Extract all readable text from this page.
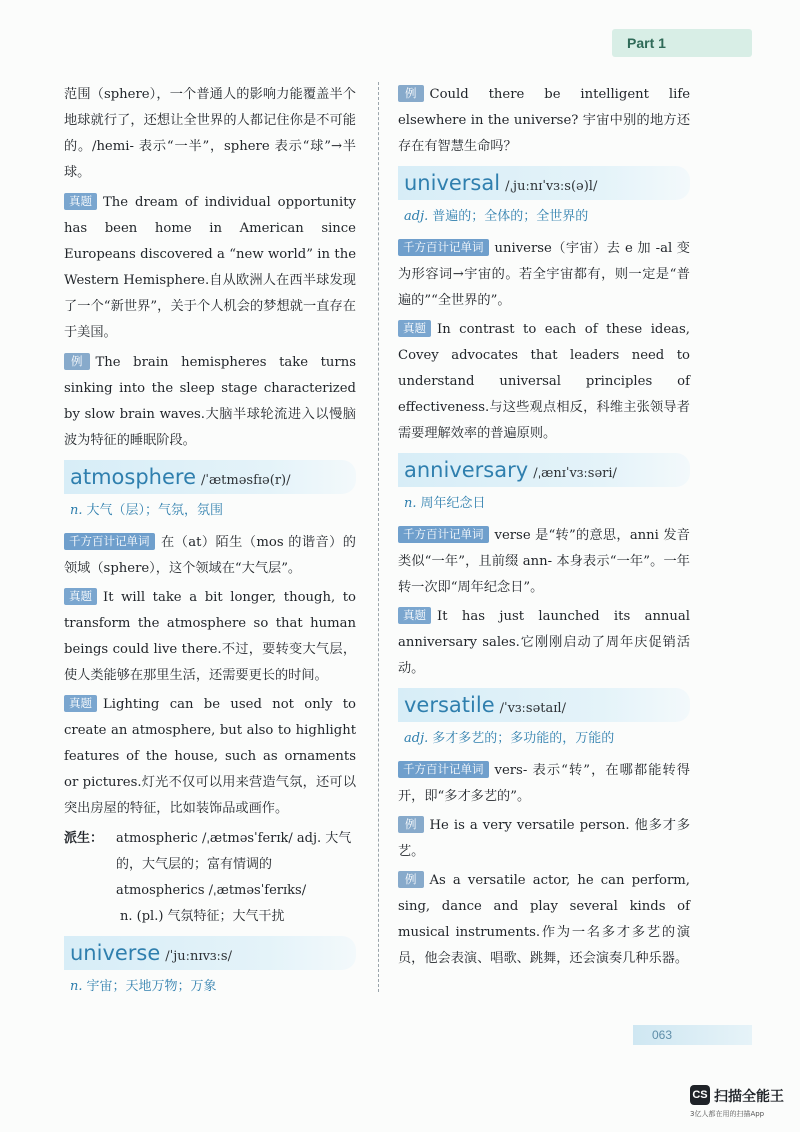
Part 1

范围（sphere），一个普通人的影响力能覆盖半个地球就行了，还想让全世界的人都记住你是不可能的。/hemi- 表示“一半”，sphere 表示“球”→半球。

真题 The dream of individual opportunity has been home in American since Europeans discovered a “new world” in the Western Hemisphere.自从欧洲人在西半球发现了一个“新世界”，关于个人机会的梦想就一直存在于美国。

例 The brain hemispheres take turns sinking into the sleep stage characterized by slow brain waves.大脑半球轮流进入以慢脑波为特征的睡眠阶段。

atmosphere /ˈætməsfɪə(r)/
n. 大气（层）；气氛，氛围

千方百计记单词 在（at）陌生（mos 的谐音）的领域（sphere），这个领域在“大气层”。

真题 It will take a bit longer, though, to transform the atmosphere so that human beings could live there.不过，要转变大气层，使人类能够在那里生活，还需要更长的时间。

真题 Lighting can be used not only to create an atmosphere, but also to highlight features of the house, such as ornaments or pictures.灯光不仅可以用来营造气氛，还可以突出房屋的特征，比如装饰品或画作。

派生： atmospheric /ˌætməsˈferɪk/ adj. 大气的，大气层的；富有情调的
atmospherics /ˌætməsˈferɪks/
n. (pl.) 气氛特征；大气干扰
universe /ˈjuːnɪvɜːs/
n. 宇宙；天地万物；万象

例 Could there be intelligent life elsewhere in the universe? 宇宙中别的地方还存在有智慧生命吗？

universal /ˌjuːnɪˈvɜːs(ə)l/
adj. 普遍的；全体的；全世界的

千方百计记单词 universe（宇宙）去 e 加 -al 变为形容词→宇宙的。若全宇宙都有，则一定是“普遍的”“全世界的”。

真题 In contrast to each of these ideas, Covey advocates that leaders need to understand universal principles of effectiveness.与这些观点相反，科维主张领导者需要理解效率的普遍原则。

anniversary /ˌænɪˈvɜːsəri/
n. 周年纪念日

千方百计记单词 verse 是“转”的意思，anni 发音类似“一年”，且前缀 ann- 本身表示“一年”。一年转一次即“周年纪念日”。

真题 It has just launched its annual anniversary sales.它刚刚启动了周年庆促销活动。

versatile /ˈvɜːsətaɪl/
adj. 多才多艺的；多功能的，万能的

千方百计记单词 vers- 表示“转”，在哪都能转得开，即“多才多艺的”。

例 He is a very versatile person. 他多才多艺。

例 As a versatile actor, he can perform, sing, dance and play several kinds of musical instruments.作为一名多才多艺的演员，他会表演、唱歌、跳舞，还会演奏几种乐器。

063
CS 扫描全能王
3亿人都在用的扫描App
